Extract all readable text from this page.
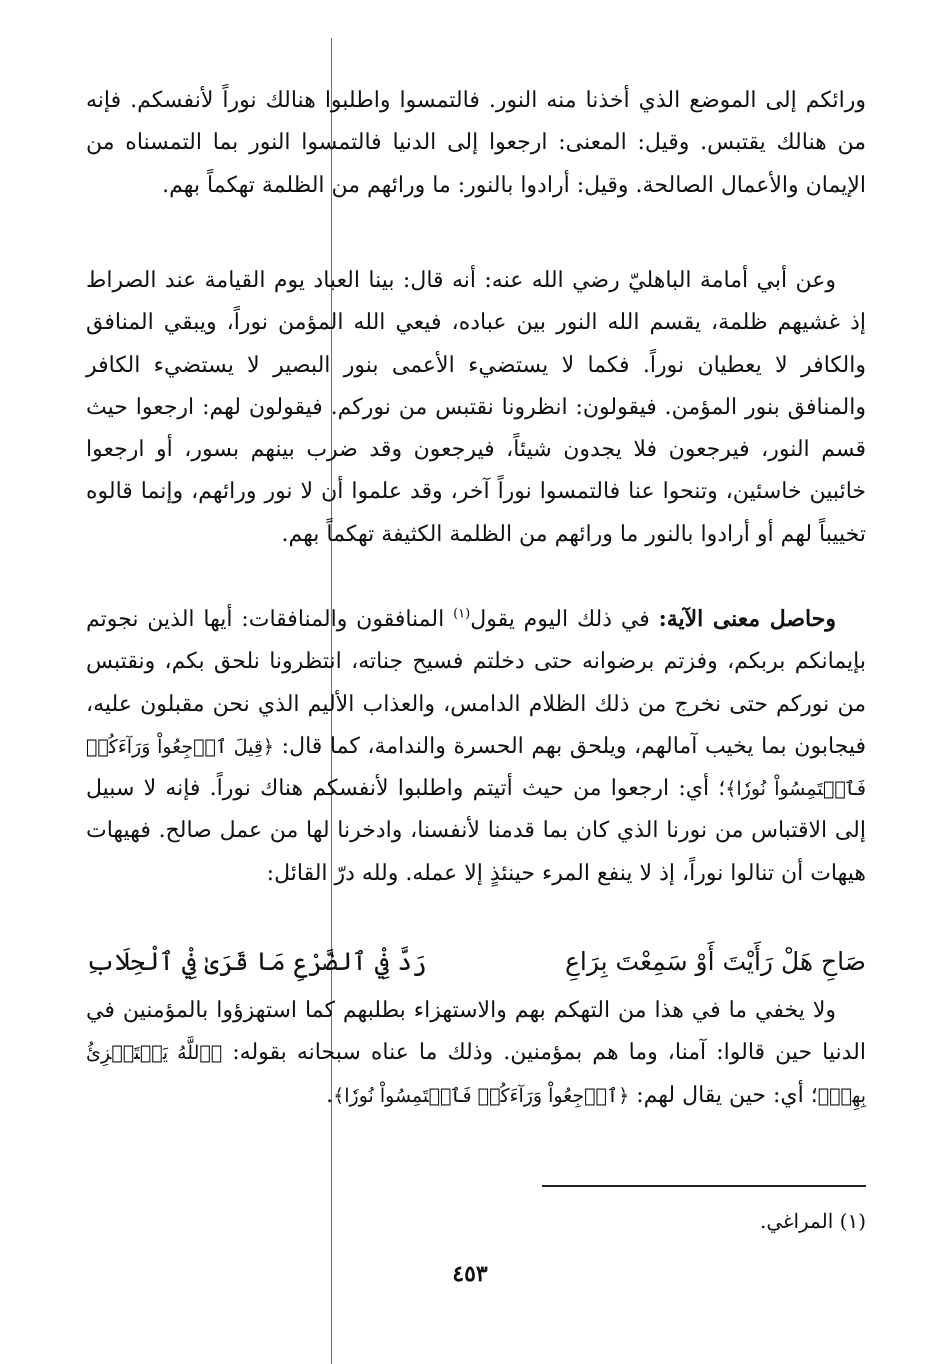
ورائكم إلى الموضع الذي أخذنا منه النور. فالتمسوا واطلبوا هنالك نوراً لأنفسكم. فإنه من هنالك يقتبس. وقيل: المعنى: ارجعوا إلى الدنيا فالتمسوا النور بما التمسناه من الإيمان والأعمال الصالحة. وقيل: أرادوا بالنور: ما ورائهم من الظلمة تهكماً بهم.

وعن أبي أمامة الباهليّ رضي الله عنه: أنه قال: بينا العباد يوم القيامة عند الصراط إذ غشيهم ظلمة، يقسم الله النور بين عباده، فيعي الله المؤمن نوراً، ويبقي المنافق والكافر لا يعطيان نوراً. فكما لا يستضيء الأعمى بنور البصير لا يستضيء الكافر والمنافق بنور المؤمن. فيقولون: انظرونا نقتبس من نوركم. فيقولون لهم: ارجعوا حيث قسم النور، فيرجعون فلا يجدون شيئاً، فيرجعون وقد ضرب بينهم بسور، أو ارجعوا خائبين خاسئين، وتنحوا عنا فالتمسوا نوراً آخر، وقد علموا أن لا نور ورائهم، وإنما قالوه تخييباً لهم أو أرادوا بالنور ما ورائهم من الظلمة الكثيفة تهكماً بهم.

وحاصل معنى الآية: في ذلك اليوم يقول$^{(١)}$ المنافقون والمنافقات: أيها الذين نجوتم بإيمانكم بربكم، وفزتم برضوانه حتى دخلتم فسيح جناته، انتظرونا نلحق بكم، ونقتبس من نوركم حتى نخرج من ذلك الظلام الدامس، والعذاب الأليم الذي نحن مقبلون عليه، فيجابون بما يخيب آمالهم، ويلحق بهم الحسرة والندامة، كما قال: ﴿قِيلَ ٱرۡجِعُواْ وَرَآءَكُمۡ فَٱلۡتَمِسُواْ نُورٗا﴾؛ أي: ارجعوا من حيث أتيتم واطلبوا لأنفسكم هناك نوراً. فإنه لا سبيل إلى الاقتباس من نورنا الذي كان بما قدمنا لأنفسنا، وادخرنا لها من عمل صالح. فهيهات هيهات أن تنالوا نوراً، إذ لا ينفع المرء حينئذٍ إلا عمله. ولله درّ القائل:

صَاحِ هَلْ رَأَيْتَ أَوْ سَمِعْتَ بِرَاعِ
رَدَّ فِيْ ٱلضَّرْعِ مَا قَرَىٰ فِيْ ٱلْحِلَابِ

ولا يخفي ما في هذا من التهكم بهم والاستهزاء بطلبهم كما استهزؤوا بالمؤمنين في الدنيا حين قالوا: آمنا، وما هم بمؤمنين. وذلك ما عناه سبحانه بقوله: ﴿ٱللَّهُ يَسۡتَهۡزِئُ بِهِمۡ﴾؛ أي: حين يقال لهم: ﴿ٱرۡجِعُواْ وَرَآءَكُمۡ فَٱلۡتَمِسُواْ نُورٗا﴾.

(١) المراغي.
٤٥٣
